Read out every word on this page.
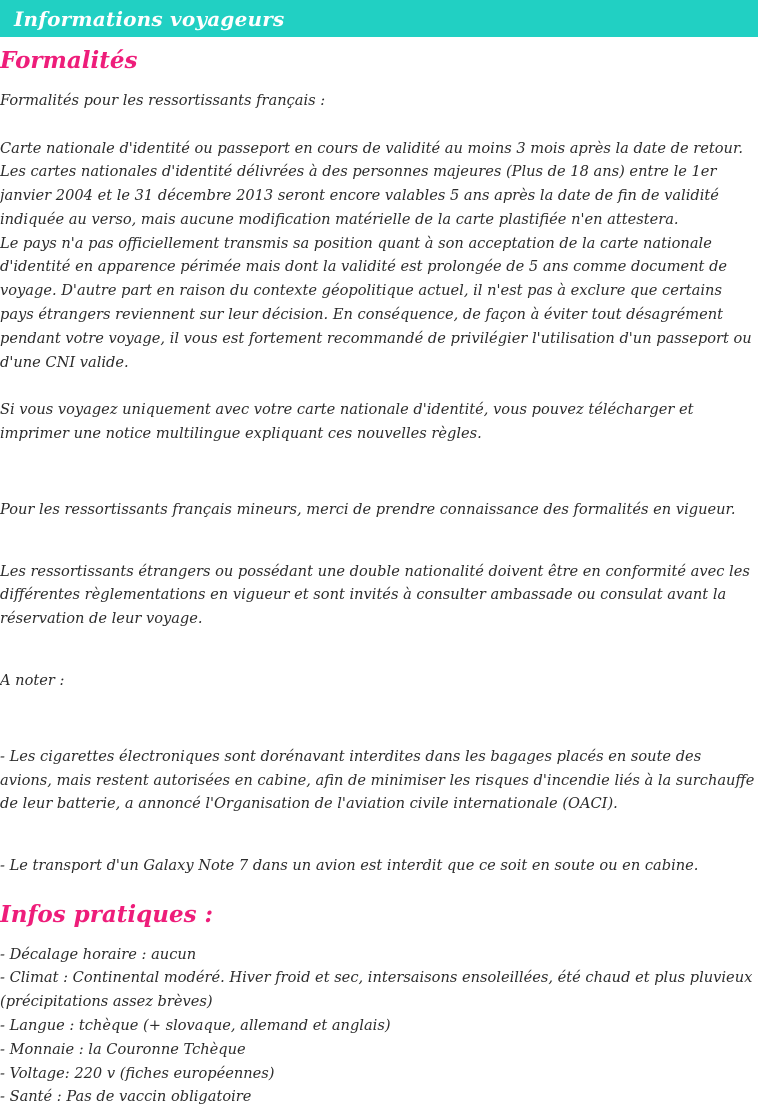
Informations voyageurs
Formalités

Formalités pour les ressortissants français :

Carte nationale d'identité ou passeport en cours de validité au moins 3 mois après la date de retour.

Les cartes nationales d'identité délivrées à des personnes majeures (Plus de 18 ans) entre le 1er janvier 2004 et le 31 décembre 2013 seront encore valables 5 ans après la date de fin de validité indiquée au verso, mais aucune modification matérielle de la carte plastifiée n'en attestera.

Le pays n'a pas officiellement transmis sa position quant à son acceptation de la carte nationale d'identité en apparence périmée mais dont la validité est prolongée de 5 ans comme document de voyage. D'autre part en raison du contexte géopolitique actuel, il n'est pas à exclure que certains pays étrangers reviennent sur leur décision. En conséquence, de façon à éviter tout désagrément pendant votre voyage, il vous est fortement recommandé de privilégier l'utilisation d'un passeport ou d'une CNI valide.

Si vous voyagez uniquement avec votre carte nationale d'identité, vous pouvez télécharger et imprimer une notice multilingue expliquant ces nouvelles règles.

Pour les ressortissants français mineurs, merci de prendre connaissance des formalités en vigueur.

Les ressortissants étrangers ou possédant une double nationalité doivent être en conformité avec les différentes règlementations en vigueur et sont invités à consulter ambassade ou consulat avant la réservation de leur voyage.

A noter :

- Les cigarettes électroniques sont dorénavant interdites dans les bagages placés en soute des avions, mais restent autorisées en cabine, afin de minimiser les risques d'incendie liés à la surchauffe de leur batterie, a annoncé l'Organisation de l'aviation civile internationale (OACI).

- Le transport d'un Galaxy Note 7 dans un avion est interdit que ce soit en soute ou en cabine.

Infos pratiques :

- Décalage horaire : aucun

- Climat : Continental modéré. Hiver froid et sec, intersaisons ensoleillées, été chaud et plus pluvieux (précipitations assez brèves)

- Langue : tchèque (+ slovaque, allemand et anglais)

- Monnaie : la Couronne Tchèque

- Voltage: 220 v (fiches européennes)

- Santé : Pas de vaccin obligatoire
